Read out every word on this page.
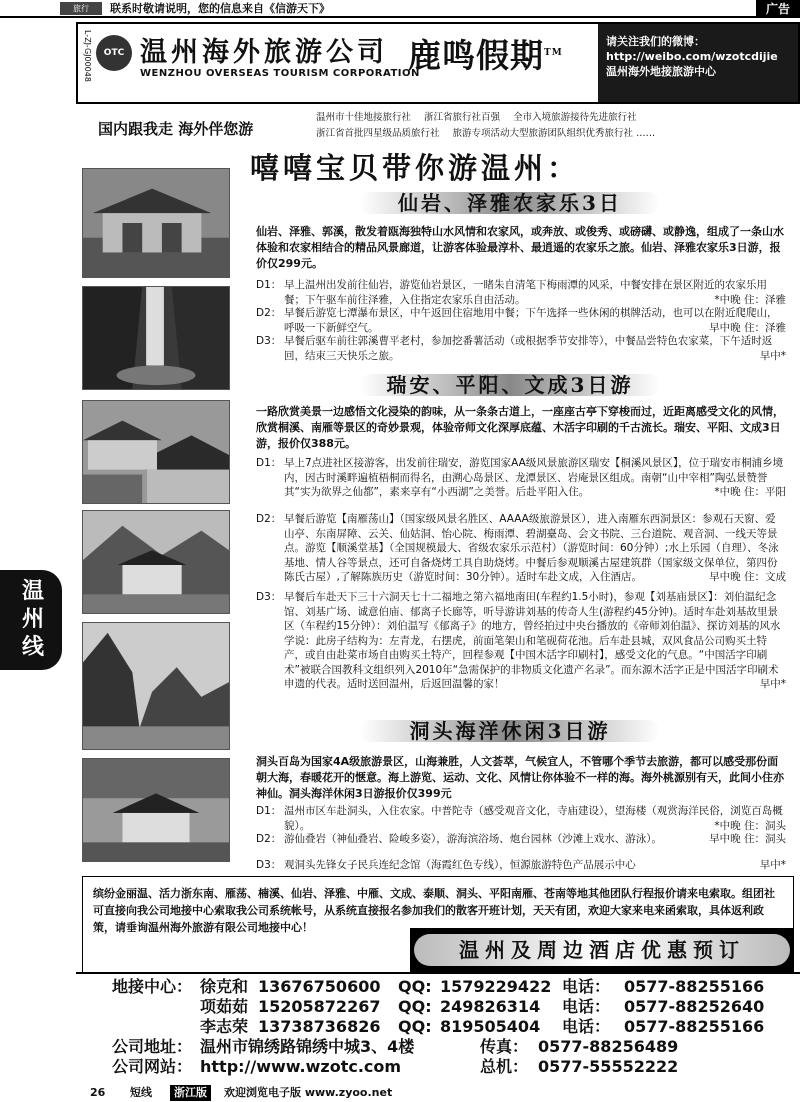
旅行	联系时敬请说明，您的信息来自《信游天下》	广告
L-ZJ-GJ00048	OTC 温州海外旅游公司
WENZHOU OVERSEAS TOURISM CORPORATION
鹿鸣假期™
请关注我们的微博：
http://weibo.com/wzotcdijie
温州海外地接旅游中心
国内跟我走 海外伴您游
温州市十佳地接旅行社 浙江省旅行社百强 全市入境旅游接待先进旅行社
浙江省首批四星级品质旅行社 旅游专项活动大型旅游团队组织优秀旅行社 ……
嘻嘻宝贝带你游温州：
仙岩、泽雅农家乐3日
仙岩、泽雅、郭溪，散发着瓯海独特山水风情和农家风，或奔放、或俊秀、或磅礴、或静逸，组成了一条山水体验和农家相结合的精品风景廊道，让游客体验最淳朴、最逍遥的农家乐之旅。仙岩、泽雅农家乐3日游，报价仅299元。
D1： 早上温州出发前往仙岩，游览仙岩景区，一睹朱自清笔下梅雨潭的风采，中餐安排在景区附近的农家乐用餐；下午驱车前往泽雅，入住指定农家乐自由活动。	*中晚 住：泽雅
D2： 早餐后游览七潭瀑布景区，中午返回住宿地用中餐；下午选择一些休闲的棋牌活动，也可以在附近爬爬山，呼吸一下新鲜空气。	早中晚 住：泽雅
D3： 早餐后驱车前往郭溪曹平老村，参加挖番薯活动（或根据季节安排等），中餐品尝特色农家菜，下午适时返回，结束三天快乐之旅。	早中*
瑞安、平阳、文成3日游
一路欣赏美景一边感悟文化浸染的韵味，从一条条古道上，一座座古亭下穿梭而过，近距离感受文化的风情，欣赏桐溪、南雁等景区的奇妙景观，体验帝师文化深厚底蕴、木活字印刷的千古流长。瑞安、平阳、文成3日游，报价仅388元。
D1： 早上7点进社区接游客，出发前往瑞安，游览国家AA级风景旅游区瑞安【桐溪风景区】，位于瑞安市桐浦乡境内，因古时溪畔遍植梧桐而得名，由溯心岛景区、龙潭景区、岩庵景区组成。南朝“山中宰相”陶弘景赞誉其“实为欲界之仙都”，素来享有“小西湖”之美誉。后赴平阳入住。	*中晚 住：平阳
D2： 早餐后游览【南雁荡山】（国家级风景名胜区、AAAA级旅游景区），进入南雁东西洞景区：参观石天窗、爱山亭、东南屏障、云关、仙姑洞、怡心院、梅雨潭、碧湖臺岛、会文书院、三台道院、观音洞、一线天等景点。游览【顺溪堂基】（全国规模最大、省级农家乐示范村）（游览时间：60分钟）;水上乐园（自理）、冬泳基地、情人谷等景点，还可自备烧烤工具自助烧烤。中餐后参观顺溪古屋建筑群（国家级文保单位，第四份陈氏古屋）,了解陈族历史（游览时间：30分钟）。适时车赴文成，入住酒店。	早中晚 住：文成
D3： 早餐后车赴天下三十六洞天七十二福地之第六福地南田(车程约1.5小时)，参观【刘基庙景区】：刘伯温纪念馆、刘基广场、诚意伯庙、郁离子长廊等，听导游讲刘基的传奇人生(游程约45分钟)。适时车赴刘基故里景区（车程约15分钟）：刘伯温写《郁离子》的地方，曾经拍过中央台播放的《帝师刘伯温》、探访刘基的风水学说：此房子结构为：左青龙，右摆虎，前面笔架山和笔砚荷花池。后车赴县城，双风食品公司购买土特产，或自由赴菜市场自由购买土特产，回程参观【中国木活字印刷村】，感受文化的气息。“中国活字印刷术”被联合国教科文组织列入2010年“急需保护的非物质文化遗产名录”。而东源木活字正是中国活字印刷术申遗的代表。适时送回温州，后返回温馨的家！	早中*
洞头海洋休闲3日游
洞头百岛为国家4A级旅游景区，山海兼胜，人文荟萃，气候宜人，不管哪个季节去旅游，都可以感受那份面朝大海，春暖花开的惬意。海上游览、运动、文化、风情让你体验不一样的海。海外桃源别有天，此间小住亦神仙。洞头海洋休闲3日游报价仅399元
D1： 温州市区车赴洞头，入住农家。中普陀寺（感受观音文化，寺庙建设），望海楼（观赏海洋民俗，浏览百岛概貌）。	*中晚 住：洞头
D2： 游仙叠岩（神仙叠岩、险峻多姿），游海滨浴场、炮台园林（沙滩上戏水、游泳）。	早中晚 住：洞头
D3： 观洞头先锋女子民兵连纪念馆（海霞红色专线），恒源旅游特色产品展示中心	早中*
温州线
缤纷金丽温、活力浙东南、雁荡、楠溪、仙岩、泽雅、中雁、文成、泰顺、洞头、平阳南雁、苍南等地其他团队行程报价请来电索取。组团社可直接向我公司地接中心索取我公司系统帐号，从系统直接报名参加我们的散客开班计划，天天有团，欢迎大家来电来函索取，具体返利政策，请垂询温州海外旅游有限公司地接中心！
温州及周边酒店优惠预订
地接中心： 徐克和 13676750600 QQ: 1579229422 电话： 0577-88255166
项茹茹 15205872267 QQ: 249826314 电话： 0577-88252640
李志荣 13738736826 QQ: 819505404 电话： 0577-88255166
公司地址： 温州市锦绣路锦绣中城3、4楼	传真： 0577-88256489
公司网站： http://www.wzotc.com	总机： 0577-55552222
26 短线	浙江版	欢迎浏览电子版 www.zyoo.net
